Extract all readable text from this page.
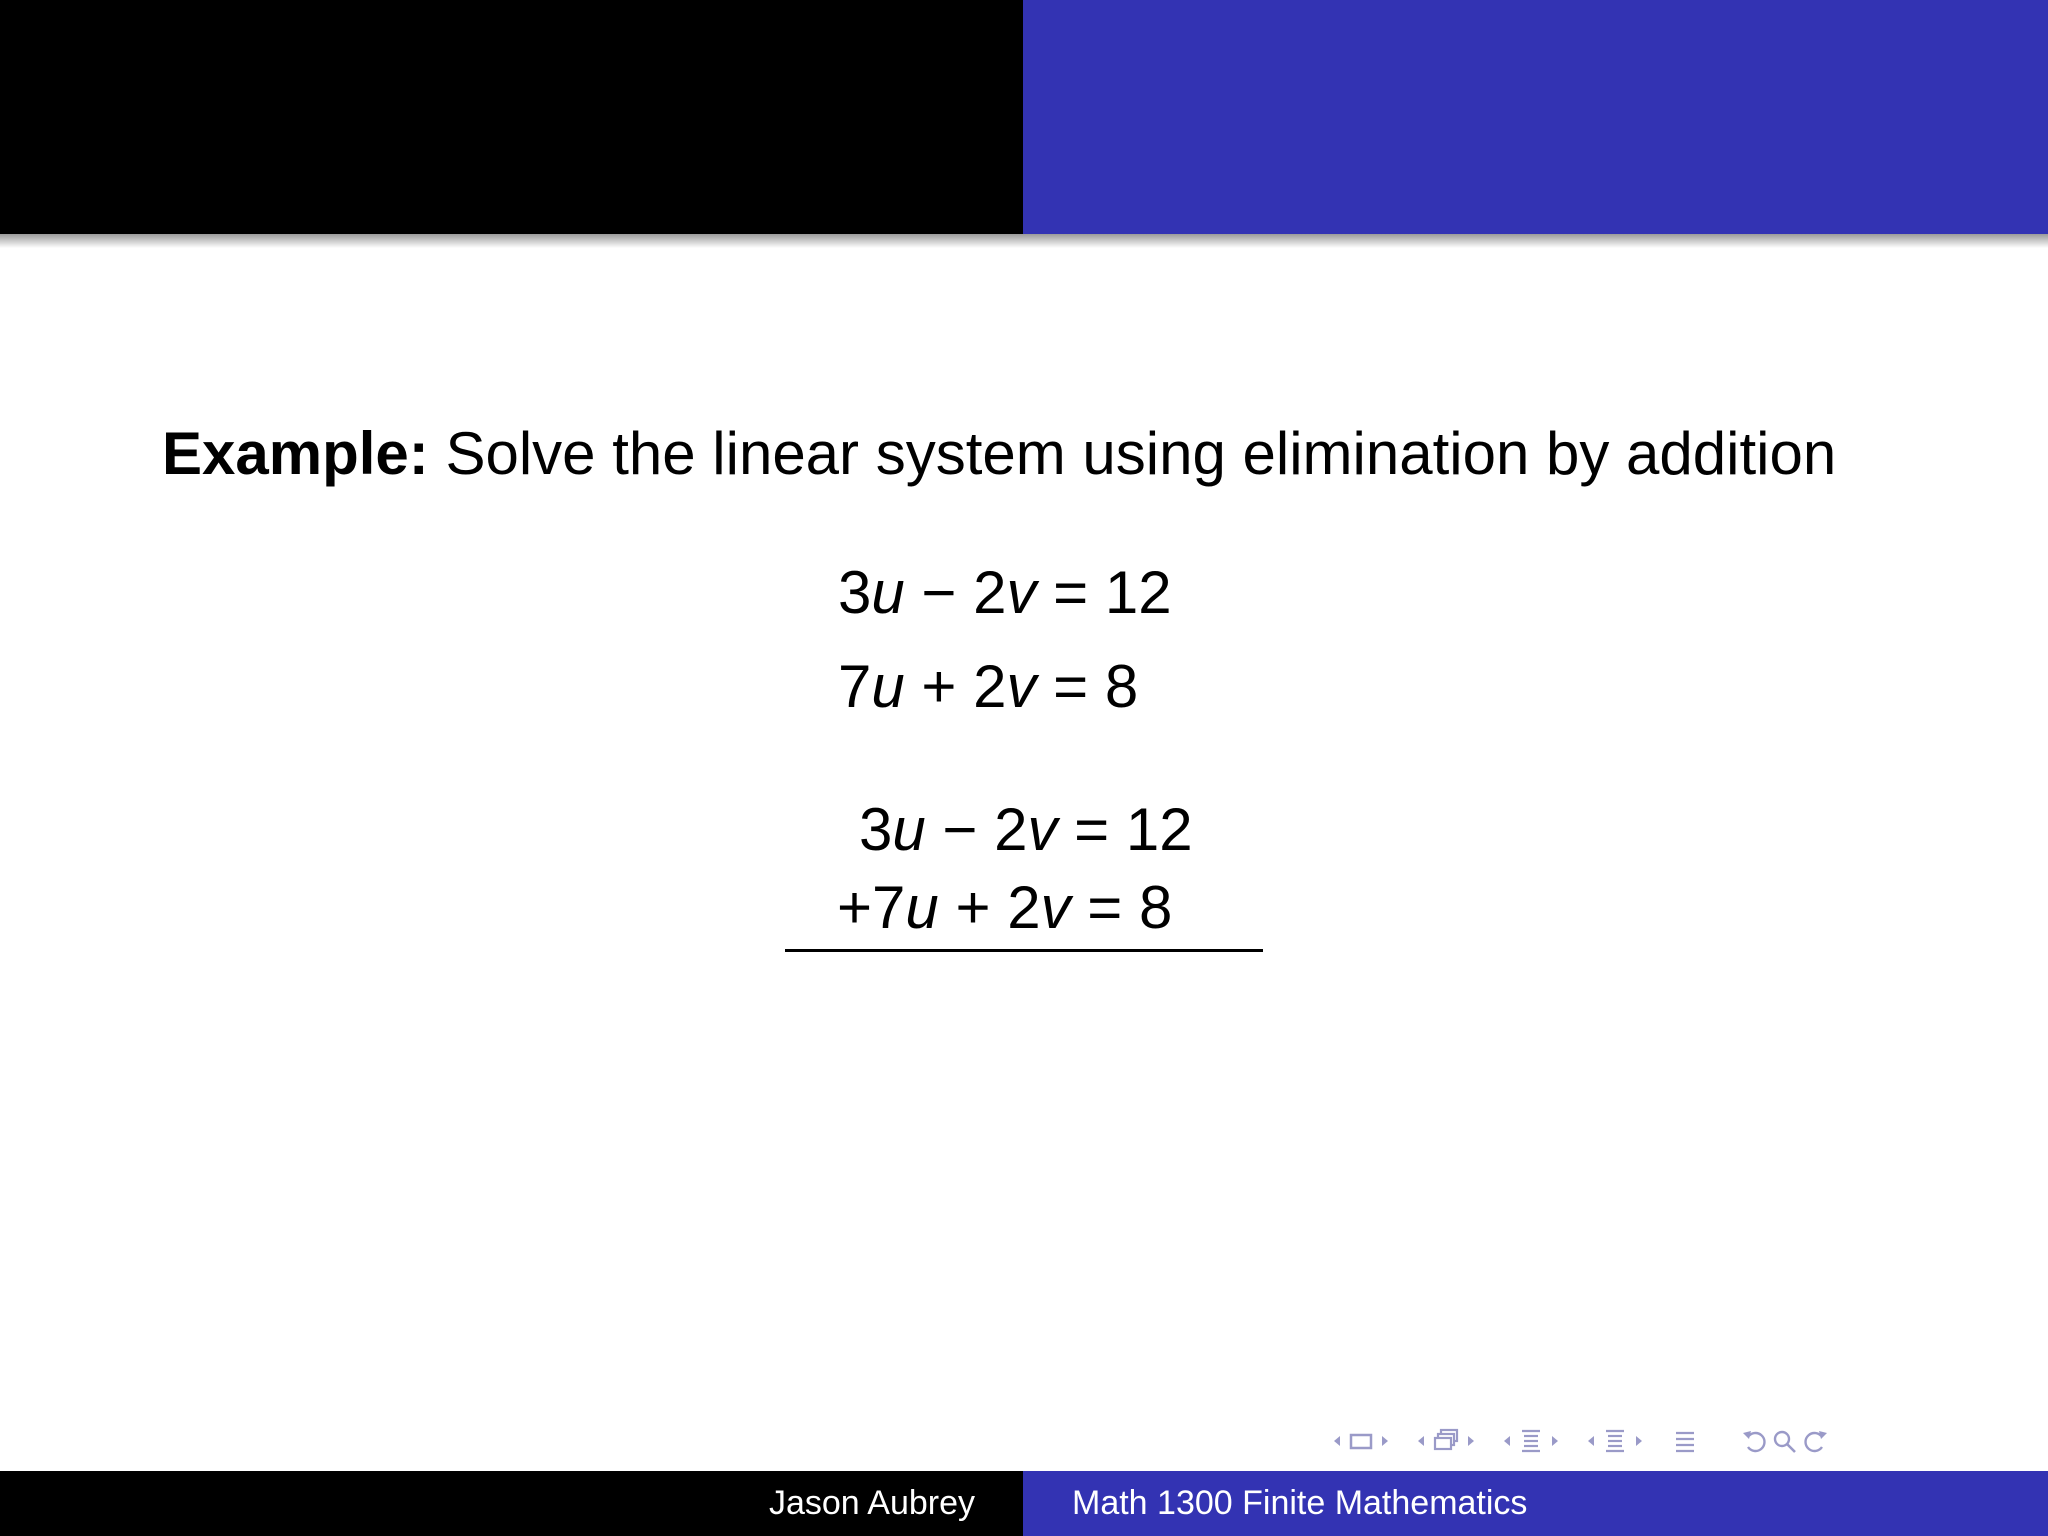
Example: Solve the linear system using elimination by addition
3u − 2v = 12
7u + 2v = 8
3u − 2v = 12
+7u + 2v = 8
Jason Aubrey	Math 1300 Finite Mathematics
